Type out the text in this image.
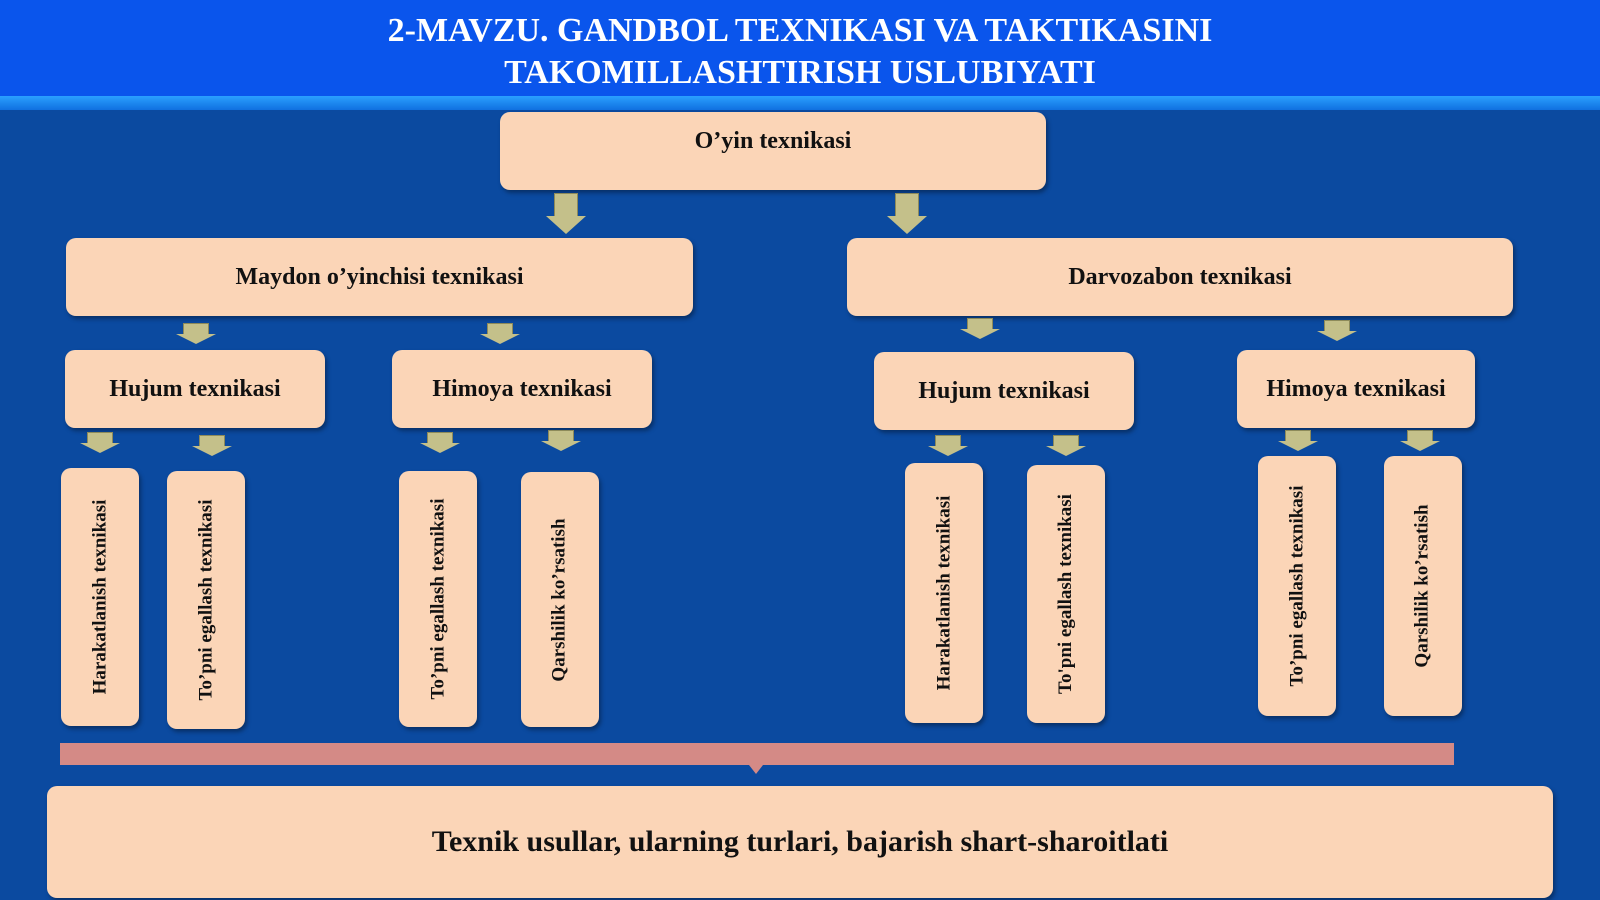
2-MAVZU. GANDBOL TEXNIKASI VA TAKTIKASINI
TAKOMILLASHTIRISH USLUBIYATI
O’yin texnikasi
Maydon o’yinchisi texnikasi	Darvozabon texnikasi
Hujum texnikasi	Himoya texnikasi	Hujum texnikasi	Himoya texnikasi
Harakatlanish texnikasi	To’pni egallash texnikasi	To’pni egallash texnikasi	Qarshilik ko’rsatish	Harakatlanish texnikasi	To'pni egallash texnikasi	To’pni egallash texnikasi	Qarshilik ko’rsatish
Texnik usullar, ularning turlari, bajarish shart-sharoitlati
